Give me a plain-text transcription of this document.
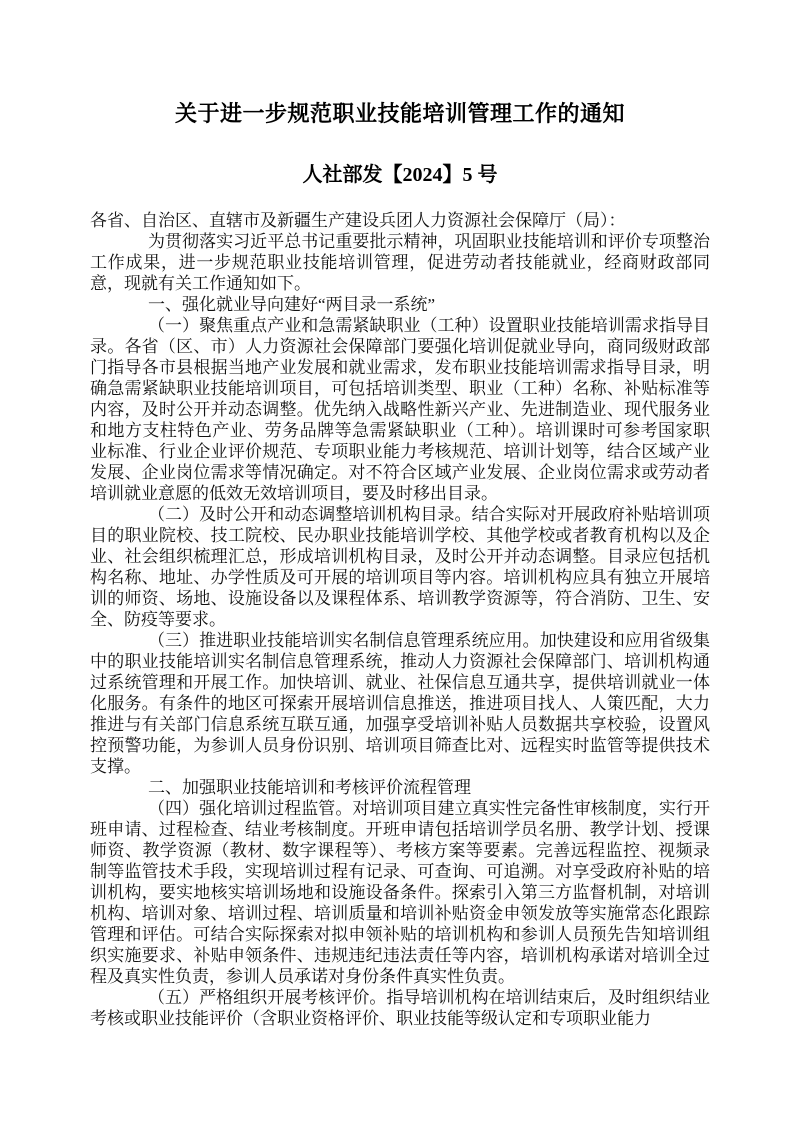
关于进一步规范职业技能培训管理工作的通知
人社部发【2024】5 号

各省、自治区、直辖市及新疆生产建设兵团人力资源社会保障厅（局）：

为贯彻落实习近平总书记重要批示精神，巩固职业技能培训和评价专项整治工作成果，进一步规范职业技能培训管理，促进劳动者技能就业，经商财政部同意，现就有关工作通知如下。

一、强化就业导向建好“两目录一系统”

（一）聚焦重点产业和急需紧缺职业（工种）设置职业技能培训需求指导目录。各省（区、市）人力资源社会保障部门要强化培训促就业导向，商同级财政部门指导各市县根据当地产业发展和就业需求，发布职业技能培训需求指导目录，明确急需紧缺职业技能培训项目，可包括培训类型、职业（工种）名称、补贴标准等内容，及时公开并动态调整。优先纳入战略性新兴产业、先进制造业、现代服务业和地方支柱特色产业、劳务品牌等急需紧缺职业（工种）。培训课时可参考国家职业标准、行业企业评价规范、专项职业能力考核规范、培训计划等，结合区域产业发展、企业岗位需求等情况确定。对不符合区域产业发展、企业岗位需求或劳动者培训就业意愿的低效无效培训项目，要及时移出目录。

（二）及时公开和动态调整培训机构目录。结合实际对开展政府补贴培训项目的职业院校、技工院校、民办职业技能培训学校、其他学校或者教育机构以及企业、社会组织梳理汇总，形成培训机构目录，及时公开并动态调整。目录应包括机构名称、地址、办学性质及可开展的培训项目等内容。培训机构应具有独立开展培训的师资、场地、设施设备以及课程体系、培训教学资源等，符合消防、卫生、安全、防疫等要求。

（三）推进职业技能培训实名制信息管理系统应用。加快建设和应用省级集中的职业技能培训实名制信息管理系统，推动人力资源社会保障部门、培训机构通过系统管理和开展工作。加快培训、就业、社保信息互通共享，提供培训就业一体化服务。有条件的地区可探索开展培训信息推送，推进项目找人、人策匹配，大力推进与有关部门信息系统互联互通，加强享受培训补贴人员数据共享校验，设置风控预警功能，为参训人员身份识别、培训项目筛查比对、远程实时监管等提供技术支撑。

二、加强职业技能培训和考核评价流程管理

（四）强化培训过程监管。对培训项目建立真实性完备性审核制度，实行开班申请、过程检查、结业考核制度。开班申请包括培训学员名册、教学计划、授课师资、教学资源（教材、数字课程等）、考核方案等要素。完善远程监控、视频录制等监管技术手段，实现培训过程有记录、可查询、可追溯。对享受政府补贴的培训机构，要实地核实培训场地和设施设备条件。探索引入第三方监督机制，对培训机构、培训对象、培训过程、培训质量和培训补贴资金申领发放等实施常态化跟踪管理和评估。可结合实际探索对拟申领补贴的培训机构和参训人员预先告知培训组织实施要求、补贴申领条件、违规违纪违法责任等内容，培训机构承诺对培训全过程及真实性负责，参训人员承诺对身份条件真实性负责。

（五）严格组织开展考核评价。指导培训机构在培训结束后，及时组织结业考核或职业技能评价（含职业资格评价、职业技能等级认定和专项职业能力
